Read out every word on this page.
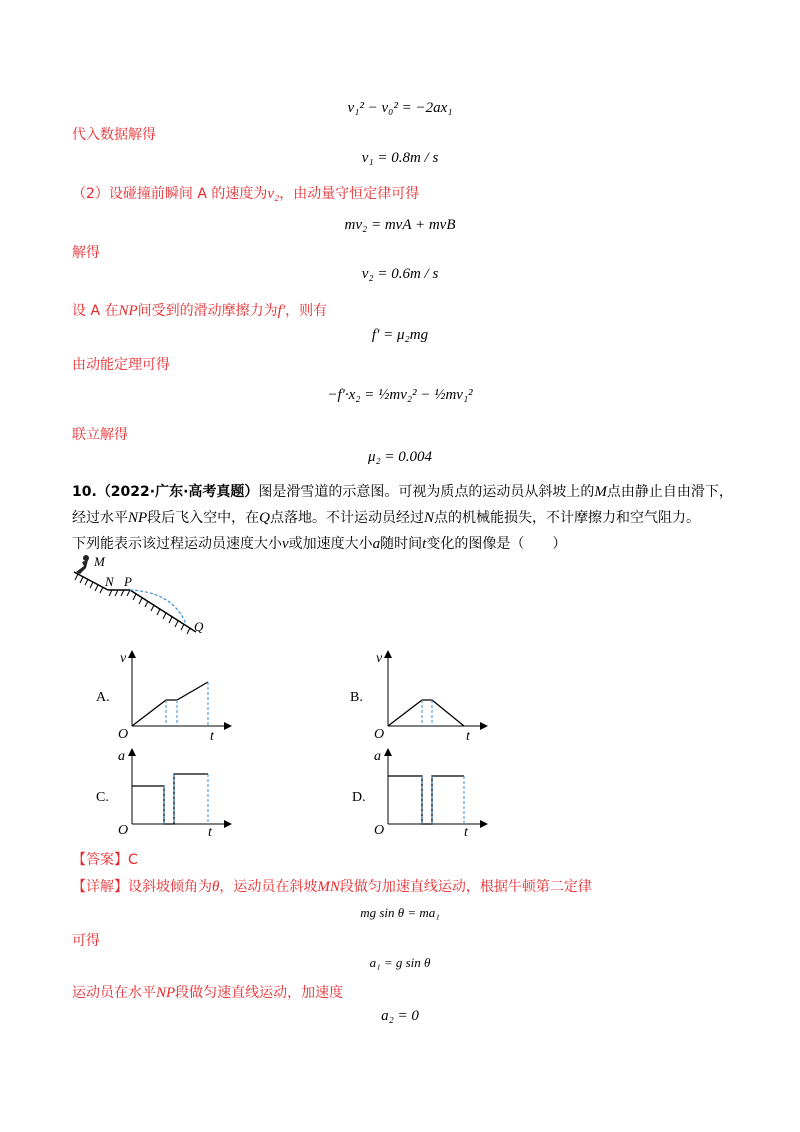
v₁² − v₀² = −2ax₁
代入数据解得
v₁ = 0.8m / s
（2）设碰撞前瞬间 A 的速度为v₂，由动量守恒定律可得
mv₂ = mvA + mvB
解得
v₂ = 0.6m / s
设 A 在NP间受到的滑动摩擦力为f′，则有
f′ = μ₂mg
由动能定理可得
−f′·x₂ = ½mv₂² − ½mv₁²
联立解得
μ₂ = 0.004
10.（2022·广东·高考真题）图是滑雪道的示意图。可视为质点的运动员从斜坡上的M点由静止自由滑下，
经过水平NP段后飞入空中，在Q点落地。不计运动员经过N点的机械能损失，不计摩擦力和空气阻力。
下列能表示该过程运动员速度大小v或加速度大小a随时间t变化的图像是（　　）
M
N P
Q
A.
v
O	t
B.
v
O	t
C.
a
O	t
D.
a
O	t
【答案】C
【详解】设斜坡倾角为θ，运动员在斜坡MN段做匀加速直线运动，根据牛顿第二定律
mg sin θ = ma₁
可得
a₁ = g sin θ
运动员在水平NP段做匀速直线运动，加速度
a₂ = 0
